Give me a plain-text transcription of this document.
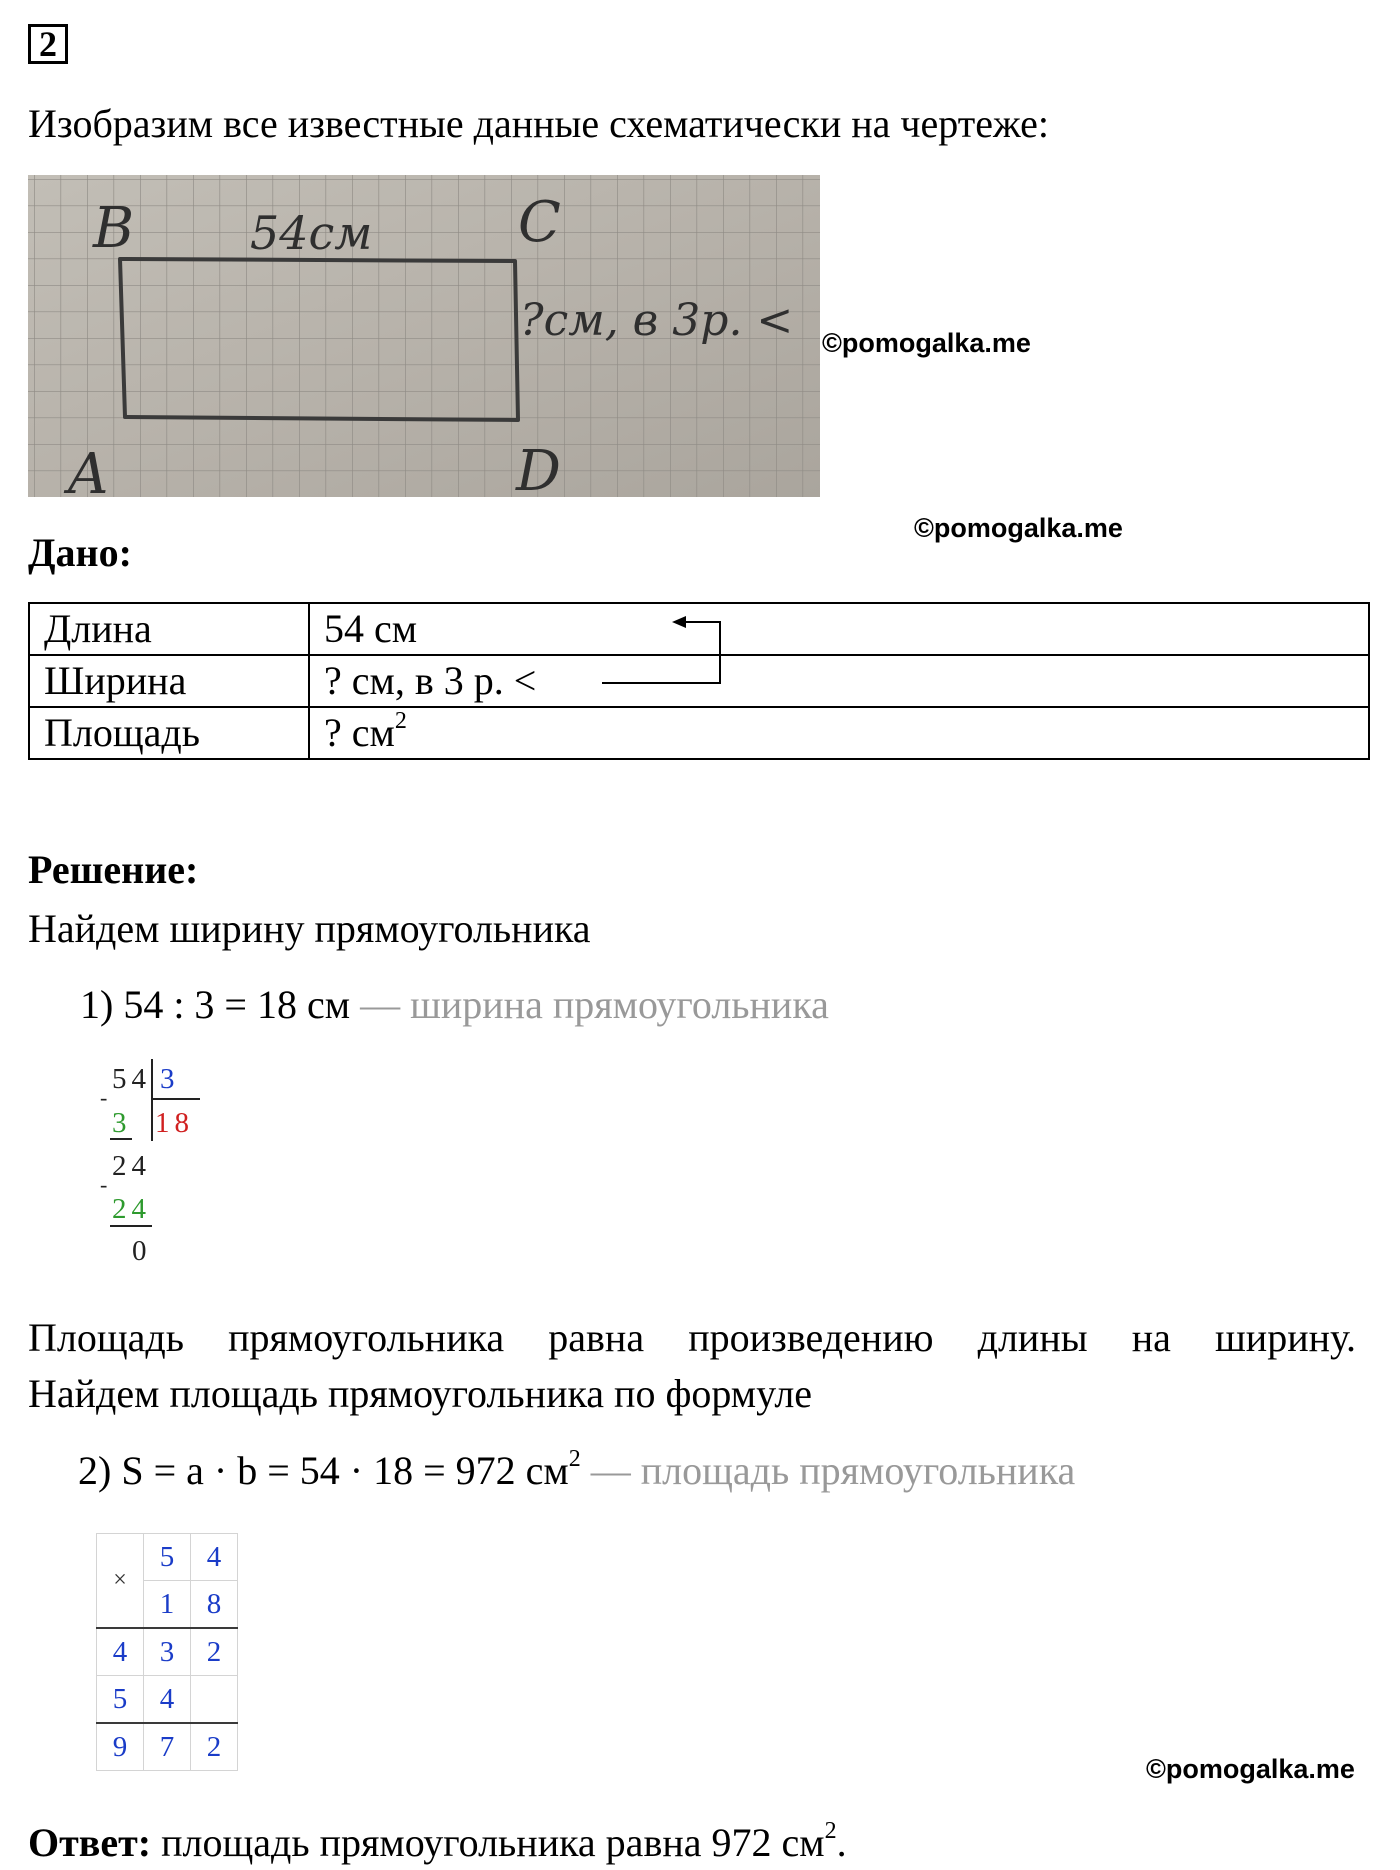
2
Изобразим все известные данные схематически на чертеже:
B	C
A	D
54см
?см, в 3р. < ©pomogalka.me
©pomogalka.me
Дано:
Длина	54 см
Ширина	? см, в 3 р. <
Площадь	? $см^2$
Решение:
Найдем ширину прямоугольника
1) 54 : 3 = 18 см — ширина прямоугольника
54 3
-
3 18
24
-
24
0
Площадь прямоугольника равна произведению длины на ширину.
Найдем площадь прямоугольника по формуле
2) S = a · b = 54 · 18 = 972 $см^2$ — площадь прямоугольника
×	5	4
	1	8
4	3	2
5	4	
9	7	2
©pomogalka.me
Ответ: площадь прямоугольника равна 972 $см^2$.
